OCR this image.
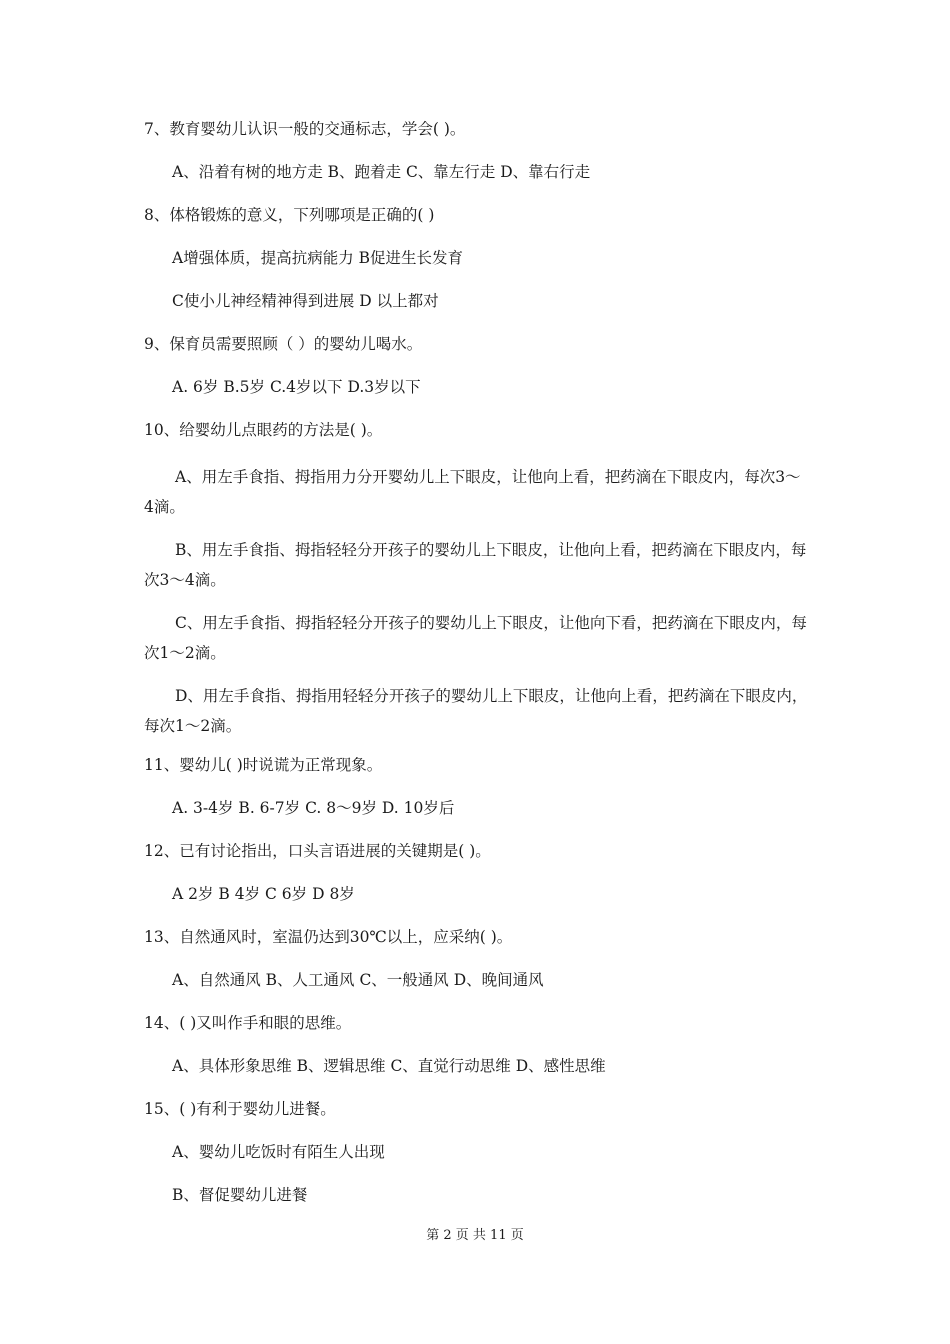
7、教育婴幼儿认识一般的交通标志，学会( )。

A、沿着有树的地方走 B、跑着走 C、靠左行走 D、靠右行走

8、体格锻炼的意义，下列哪项是正确的( )

A增强体质，提高抗病能力 B促进生长发育

C使小儿神经精神得到进展 D 以上都对

9、保育员需要照顾（ ）的婴幼儿喝水。

A. 6岁 B.5岁 C.4岁以下 D.3岁以下

10、给婴幼儿点眼药的方法是( )。

A、用左手食指、拇指用力分开婴幼儿上下眼皮，让他向上看，把药滴在下眼皮内，每次3～4滴。

B、用左手食指、拇指轻轻分开孩子的婴幼儿上下眼皮，让他向上看，把药滴在下眼皮内，每次3～4滴。

C、用左手食指、拇指轻轻分开孩子的婴幼儿上下眼皮，让他向下看，把药滴在下眼皮内，每次1～2滴。

D、用左手食指、拇指用轻轻分开孩子的婴幼儿上下眼皮，让他向上看，把药滴在下眼皮内，每次1～2滴。

11、婴幼儿( )时说谎为正常现象。

A. 3-4岁 B. 6-7岁 C. 8～9岁 D. 10岁后

12、已有讨论指出，口头言语进展的关键期是( )。

A 2岁 B 4岁 C 6岁 D 8岁

13、自然通风时，室温仍达到30℃以上，应采纳( )。

A、自然通风 B、人工通风 C、一般通风 D、晚间通风

14、( )又叫作手和眼的思维。

A、具体形象思维 B、逻辑思维 C、直觉行动思维 D、感性思维

15、( )有利于婴幼儿进餐。

A、婴幼儿吃饭时有陌生人出现

B、督促婴幼儿进餐

第 2 页 共 11 页
